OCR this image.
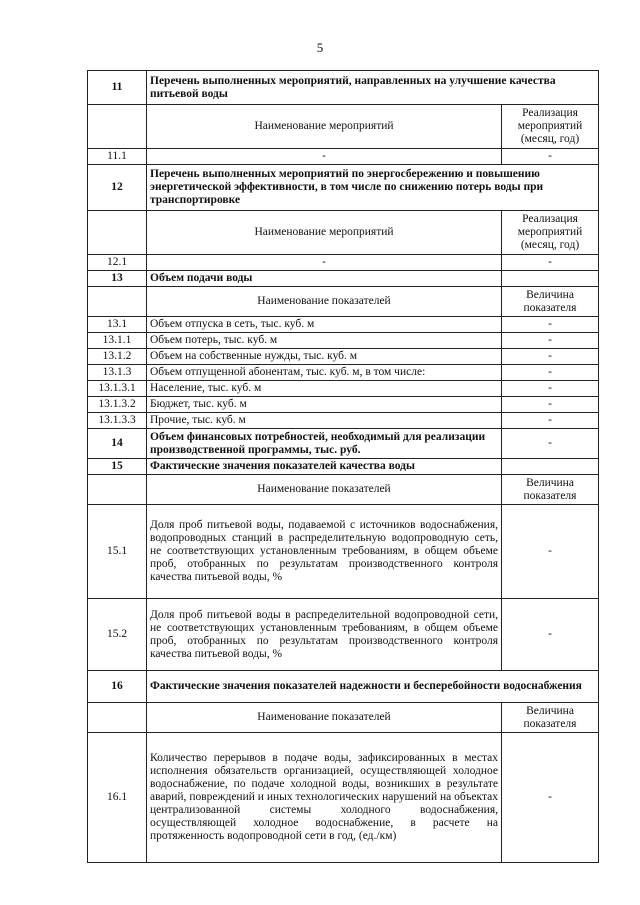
5
11	Перечень выполненных мероприятий, направленных на улучшение качества питьевой воды	
	Наименование мероприятий	Реализация мероприятий (месяц, год)
11.1	-	-
12	Перечень выполненных мероприятий по энергосбережению и повышению энергетической эффективности, в том числе по снижению потерь воды при транспортировке	
	Наименование мероприятий	Реализация мероприятий (месяц, год)
12.1	-	-
13	Объем подачи воды	
	Наименование показателей	Величина показателя
13.1	Объем отпуска в сеть, тыс. куб. м	-
13.1.1	Объем потерь, тыс. куб. м	-
13.1.2	Объем на собственные нужды, тыс. куб. м	-
13.1.3	Объем отпущенной абонентам, тыс. куб. м, в том числе:	-
13.1.3.1	Население, тыс. куб. м	-
13.1.3.2	Бюджет, тыс. куб. м	-
13.1.3.3	Прочие, тыс. куб. м	-
14	Объем финансовых потребностей, необходимый для реализации производственной программы, тыс. руб.	-
15	Фактические значения показателей качества воды	
	Наименование показателей	Величина показателя
15.1	Доля проб питьевой воды, подаваемой с источников водоснабжения, водопроводных станций в распределительную водопроводную сеть, не соответствующих установленным требованиям, в общем объеме проб, отобранных по результатам производственного контроля качества питьевой воды, %	-
15.2	Доля проб питьевой воды в распределительной водопроводной сети, не соответствующих установленным требованиям, в общем объеме проб, отобранных по результатам производственного контроля качества питьевой воды, %	-
16	Фактические значения показателей надежности и бесперебойности водоснабжения	
	Наименование показателей	Величина показателя
16.1	Количество перерывов в подаче воды, зафиксированных в местах исполнения обязательств организацией, осуществляющей холодное водоснабжение, по подаче холодной воды, возникших в результате аварий, повреждений и иных технологических нарушений на объектах централизованной системы холодного водоснабжения, осуществляющей холодное водоснабжение, в расчете на протяженность водопроводной сети в год, (ед./км)	-
